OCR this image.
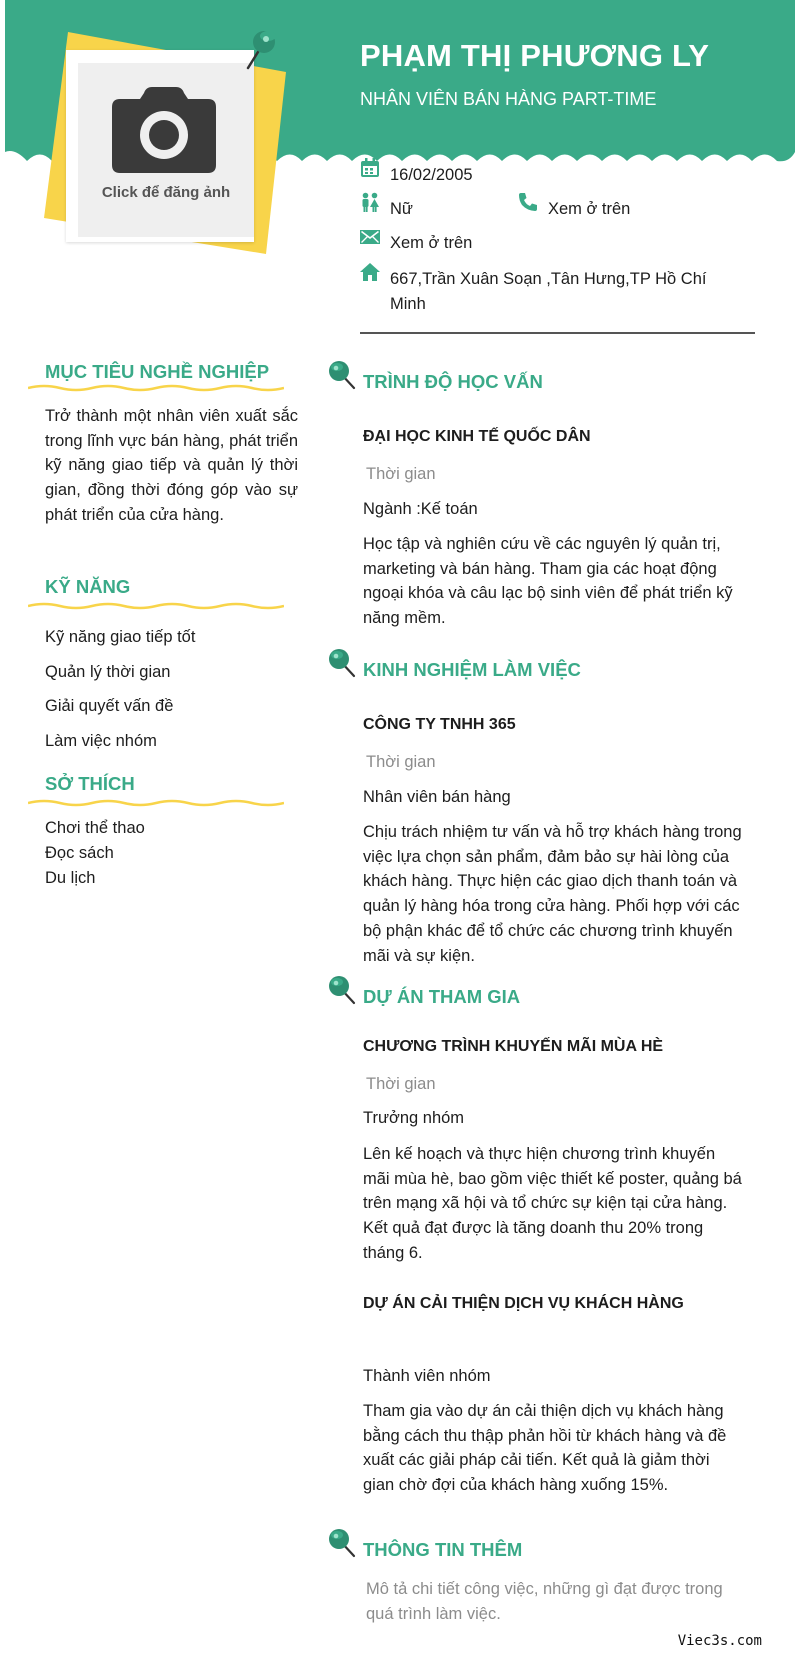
PHẠM THỊ PHƯƠNG LY
NHÂN VIÊN BÁN HÀNG PART-TIME
Click để đăng ảnh
16/02/2005
Nữ	Xem ở trên
Xem ở trên
667,Trần Xuân Soạn ,Tân Hưng,TP Hồ Chí Minh
MỤC TIÊU NGHỀ NGHIỆP
Trở thành một nhân viên xuất sắc trong lĩnh vực bán hàng, phát triển kỹ năng giao tiếp và quản lý thời gian, đồng thời đóng góp vào sự phát triển của cửa hàng.
KỸ NĂNG
Kỹ năng giao tiếp tốt
Quản lý thời gian
Giải quyết vấn đề
Làm việc nhóm
SỞ THÍCH
Chơi thể thao
Đọc sách
Du lịch
TRÌNH ĐỘ HỌC VẤN
ĐẠI HỌC KINH TẾ QUỐC DÂN
Thời gian
Ngành :Kế toán
Học tập và nghiên cứu về các nguyên lý quản trị, marketing và bán hàng. Tham gia các hoạt động ngoại khóa và câu lạc bộ sinh viên để phát triển kỹ năng mềm.
KINH NGHIỆM LÀM VIỆC
CÔNG TY TNHH 365
Thời gian
Nhân viên bán hàng
Chịu trách nhiệm tư vấn và hỗ trợ khách hàng trong việc lựa chọn sản phẩm, đảm bảo sự hài lòng của khách hàng. Thực hiện các giao dịch thanh toán và quản lý hàng hóa trong cửa hàng. Phối hợp với các bộ phận khác để tổ chức các chương trình khuyến mãi và sự kiện.
DỰ ÁN THAM GIA
CHƯƠNG TRÌNH KHUYẾN MÃI MÙA HÈ
Thời gian
Trưởng nhóm
Lên kế hoạch và thực hiện chương trình khuyến mãi mùa hè, bao gồm việc thiết kế poster, quảng bá trên mạng xã hội và tổ chức sự kiện tại cửa hàng. Kết quả đạt được là tăng doanh thu 20% trong tháng 6.
DỰ ÁN CẢI THIỆN DỊCH VỤ KHÁCH HÀNG
Thành viên nhóm
Tham gia vào dự án cải thiện dịch vụ khách hàng bằng cách thu thập phản hồi từ khách hàng và đề xuất các giải pháp cải tiến. Kết quả là giảm thời gian chờ đợi của khách hàng xuống 15%.
THÔNG TIN THÊM
Mô tả chi tiết công việc, những gì đạt được trong quá trình làm việc.
Viec3s.com
